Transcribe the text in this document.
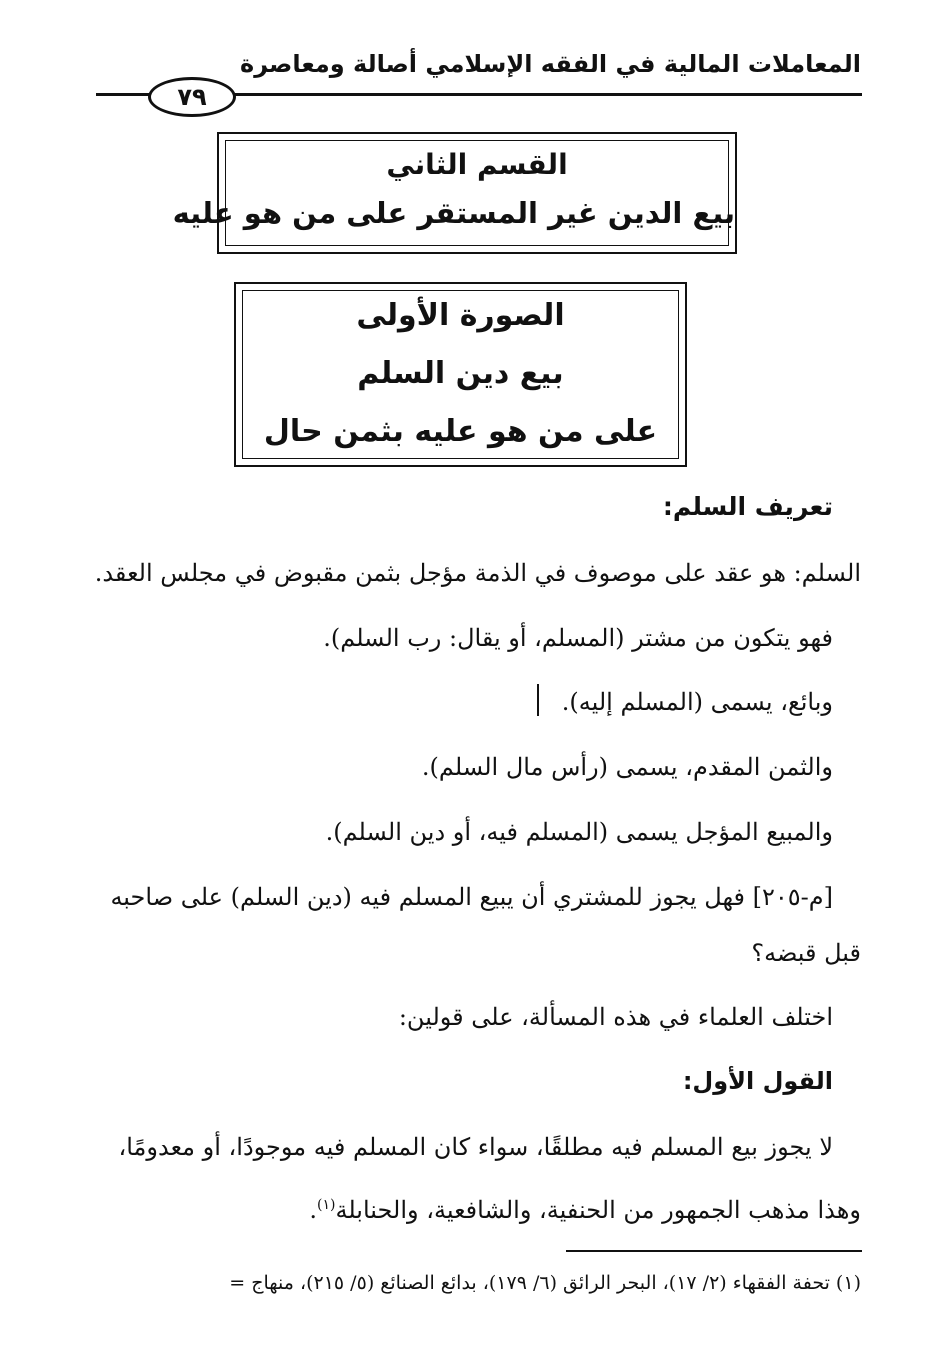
المعاملات المالية في الفقه الإسلامي أصالة ومعاصرة
٧٩
القسم الثاني
بيع الدين غير المستقر على من هو عليه
الصورة الأولى
بيع دين السلم
على من هو عليه بثمن حال
تعريف السلم:
السلم: هو عقد على موصوف في الذمة مؤجل بثمن مقبوض في مجلس العقد.
فهو يتكون من مشتر (المسلم، أو يقال: رب السلم).
وبائع، يسمى (المسلم إليه).
والثمن المقدم، يسمى (رأس مال السلم).
والمبيع المؤجل يسمى (المسلم فيه، أو دين السلم).
[م-٢٠٥] فهل يجوز للمشتري أن يبيع المسلم فيه (دين السلم) على صاحبه
قبل قبضه؟
اختلف العلماء في هذه المسألة، على قولين:
القول الأول:
لا يجوز بيع المسلم فيه مطلقًا، سواء كان المسلم فيه موجودًا، أو معدومًا،
وهذا مذهب الجمهور من الحنفية، والشافعية، والحنابلة$^{(١)}$.
(١) تحفة الفقهاء (٢/ ١٧)، البحر الرائق (٦/ ١٧٩)، بدائع الصنائع (٥/ ٢١٥)، منهاج =
